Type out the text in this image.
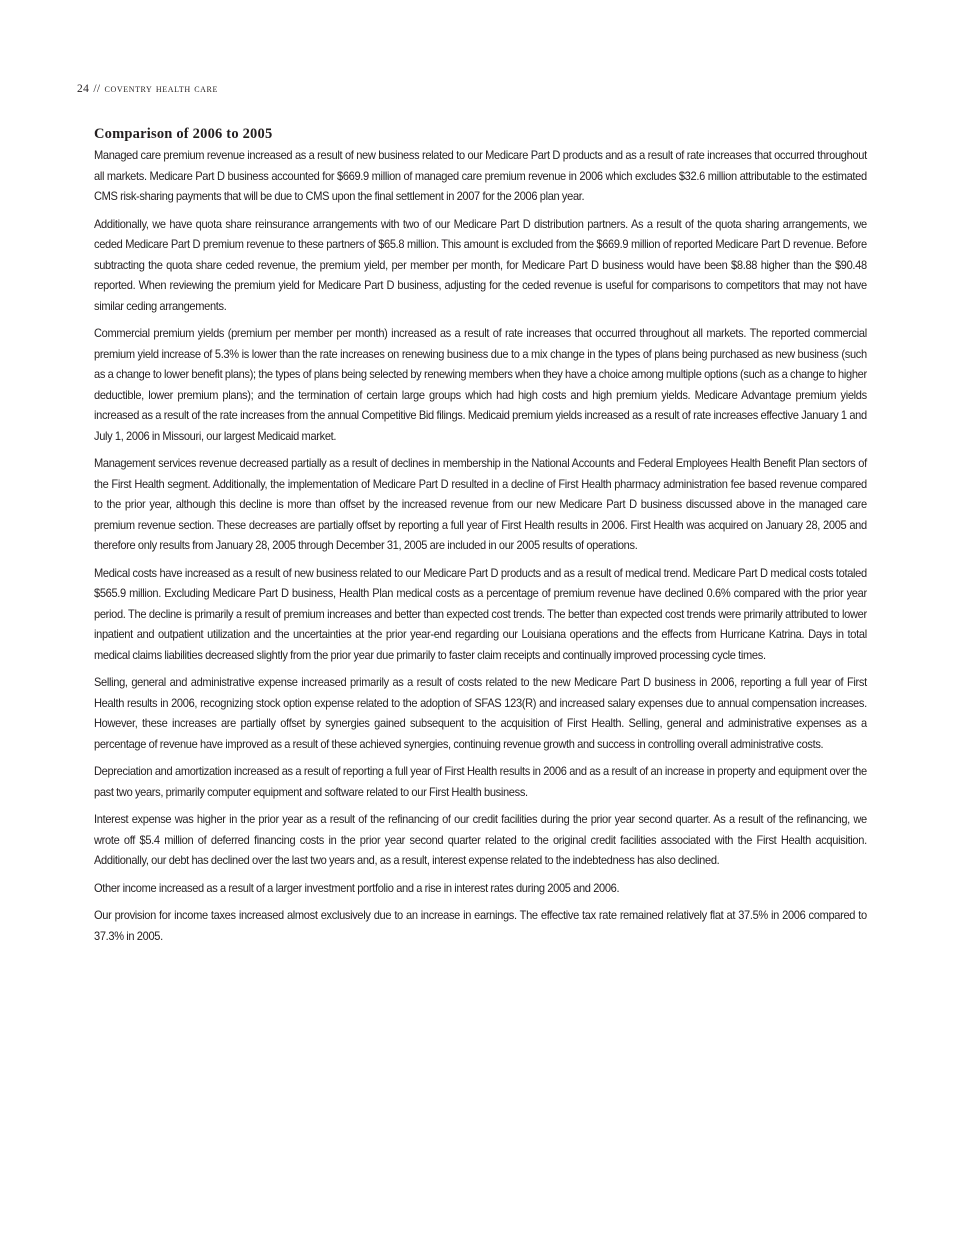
24 // coventry health care
Comparison of 2006 to 2005

Managed care premium revenue increased as a result of new business related to our Medicare Part D products and as a result of rate increases that occurred throughout all markets. Medicare Part D business accounted for $669.9 million of managed care premium revenue in 2006 which excludes $32.6 million attributable to the estimated CMS risk-sharing payments that will be due to CMS upon the final settlement in 2007 for the 2006 plan year.

Additionally, we have quota share reinsurance arrangements with two of our Medicare Part D distribution partners. As a result of the quota sharing arrangements, we ceded Medicare Part D premium revenue to these partners of $65.8 million. This amount is excluded from the $669.9 million of reported Medicare Part D revenue. Before subtracting the quota share ceded revenue, the premium yield, per member per month, for Medicare Part D business would have been $8.88 higher than the $90.48 reported. When reviewing the premium yield for Medicare Part D business, adjusting for the ceded revenue is useful for comparisons to competitors that may not have similar ceding arrangements.

Commercial premium yields (premium per member per month) increased as a result of rate increases that occurred throughout all markets. The reported commercial premium yield increase of 5.3% is lower than the rate increases on renewing business due to a mix change in the types of plans being purchased as new business (such as a change to lower benefit plans); the types of plans being selected by renewing members when they have a choice among multiple options (such as a change to higher deductible, lower premium plans); and the termination of certain large groups which had high costs and high premium yields. Medicare Advantage premium yields increased as a result of the rate increases from the annual Competitive Bid filings. Medicaid premium yields increased as a result of rate increases effective January 1 and July 1, 2006 in Missouri, our largest Medicaid market.

Management services revenue decreased partially as a result of declines in membership in the National Accounts and Federal Employees Health Benefit Plan sectors of the First Health segment. Additionally, the implementation of Medicare Part D resulted in a decline of First Health pharmacy administration fee based revenue compared to the prior year, although this decline is more than offset by the increased revenue from our new Medicare Part D business discussed above in the managed care premium revenue section. These decreases are partially offset by reporting a full year of First Health results in 2006. First Health was acquired on January 28, 2005 and therefore only results from January 28, 2005 through December 31, 2005 are included in our 2005 results of operations.

Medical costs have increased as a result of new business related to our Medicare Part D products and as a result of medical trend. Medicare Part D medical costs totaled $565.9 million. Excluding Medicare Part D business, Health Plan medical costs as a percentage of premium revenue have declined 0.6% compared with the prior year period. The decline is primarily a result of premium increases and better than expected cost trends. The better than expected cost trends were primarily attributed to lower inpatient and outpatient utilization and the uncertainties at the prior year-end regarding our Louisiana operations and the effects from Hurricane Katrina. Days in total medical claims liabilities decreased slightly from the prior year due primarily to faster claim receipts and continually improved processing cycle times.

Selling, general and administrative expense increased primarily as a result of costs related to the new Medicare Part D business in 2006, reporting a full year of First Health results in 2006, recognizing stock option expense related to the adoption of SFAS 123(R) and increased salary expenses due to annual compensation increases. However, these increases are partially offset by synergies gained subsequent to the acquisition of First Health. Selling, general and administrative expenses as a percentage of revenue have improved as a result of these achieved synergies, continuing revenue growth and success in controlling overall administrative costs.

Depreciation and amortization increased as a result of reporting a full year of First Health results in 2006 and as a result of an increase in property and equipment over the past two years, primarily computer equipment and software related to our First Health business.

Interest expense was higher in the prior year as a result of the refinancing of our credit facilities during the prior year second quarter. As a result of the refinancing, we wrote off $5.4 million of deferred financing costs in the prior year second quarter related to the original credit facilities associated with the First Health acquisition. Additionally, our debt has declined over the last two years and, as a result, interest expense related to the indebtedness has also declined.

Other income increased as a result of a larger investment portfolio and a rise in interest rates during 2005 and 2006.

Our provision for income taxes increased almost exclusively due to an increase in earnings. The effective tax rate remained relatively flat at 37.5% in 2006 compared to 37.3% in 2005.
